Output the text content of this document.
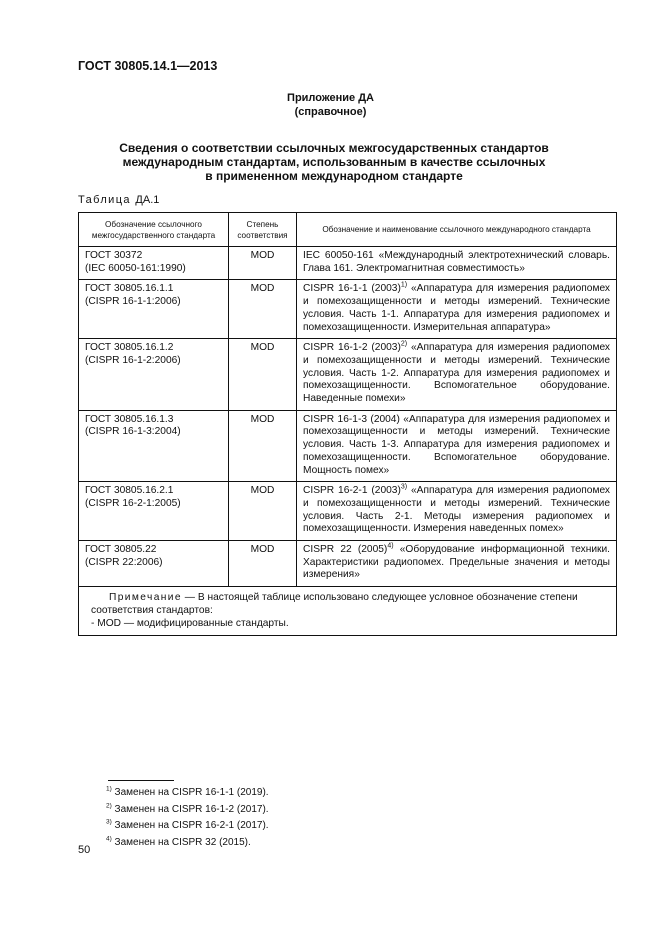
ГОСТ 30805.14.1—2013
Приложение ДА
(справочное)
Сведения о соответствии ссылочных межгосударственных стандартов
международным стандартам, использованным в качестве ссылочных
в примененном международном стандарте
Таблица ДА.1
Обозначение ссылочного межгосударственного стандарта	Степень соответствия	Обозначение и наименование ссылочного международного стандарта

ГОСТ 30372
(IEC 60050-161:1990)	MOD	IEC 60050-161 «Международный электротехнический словарь. Глава 161. Электромагнитная совместимость»

ГОСТ 30805.16.1.1
(CISPR 16-1-1:2006)	MOD	CISPR 16-1-1 $(2003)^{1)}$ «Аппаратура для измерения радиопомех и помехозащищенности и методы измерений. Технические условия. Часть 1-1. Аппаратура для измерения радиопомех и помехозащищенности. Измерительная аппаратура»

ГОСТ 30805.16.1.2
(CISPR 16-1-2:2006)	MOD	CISPR 16-1-2 $(2003)^{2)}$ «Аппаратура для измерения радиопомех и помехозащищенности и методы измерений. Технические условия. Часть 1-2. Аппаратура для измерения радиопомех и помехозащищенности. Вспомогательное оборудование. Наведенные помехи»

ГОСТ 30805.16.1.3
(CISPR 16-1-3:2004)	MOD	CISPR 16-1-3 (2004) «Аппаратура для измерения радиопомех и помехозащищенности и методы измерений. Технические условия. Часть 1-3. Аппаратура для измерения радиопомех и помехозащищенности. Вспомогательное оборудование. Мощность помех»

ГОСТ 30805.16.2.1
(CISPR 16-2-1:2005)	MOD	CISPR 16-2-1 $(2003)^{3)}$ «Аппаратура для измерения радиопомех и помехозащищенности и методы измерений. Технические условия. Часть 2-1. Методы измерения радиопомех и помехозащищенности. Измерения наведенных помех»

ГОСТ 30805.22
(CISPR 22:2006)	MOD	CISPR 22 $(2005)^{4)}$ «Оборудование информационной техники. Характеристики радиопомех. Предельные значения и методы измерения»

Примечание — В настоящей таблице использовано следующее условное обозначение степени соответствия стандартов:
- MOD — модифицированные стандарты.		
$^{1)}$ Заменен на CISPR 16-1-1 (2019).
$^{2)}$ Заменен на CISPR 16-1-2 (2017).
$^{3)}$ Заменен на CISPR 16-2-1 (2017).
$^{4)}$ Заменен на CISPR 32 (2015).
50
